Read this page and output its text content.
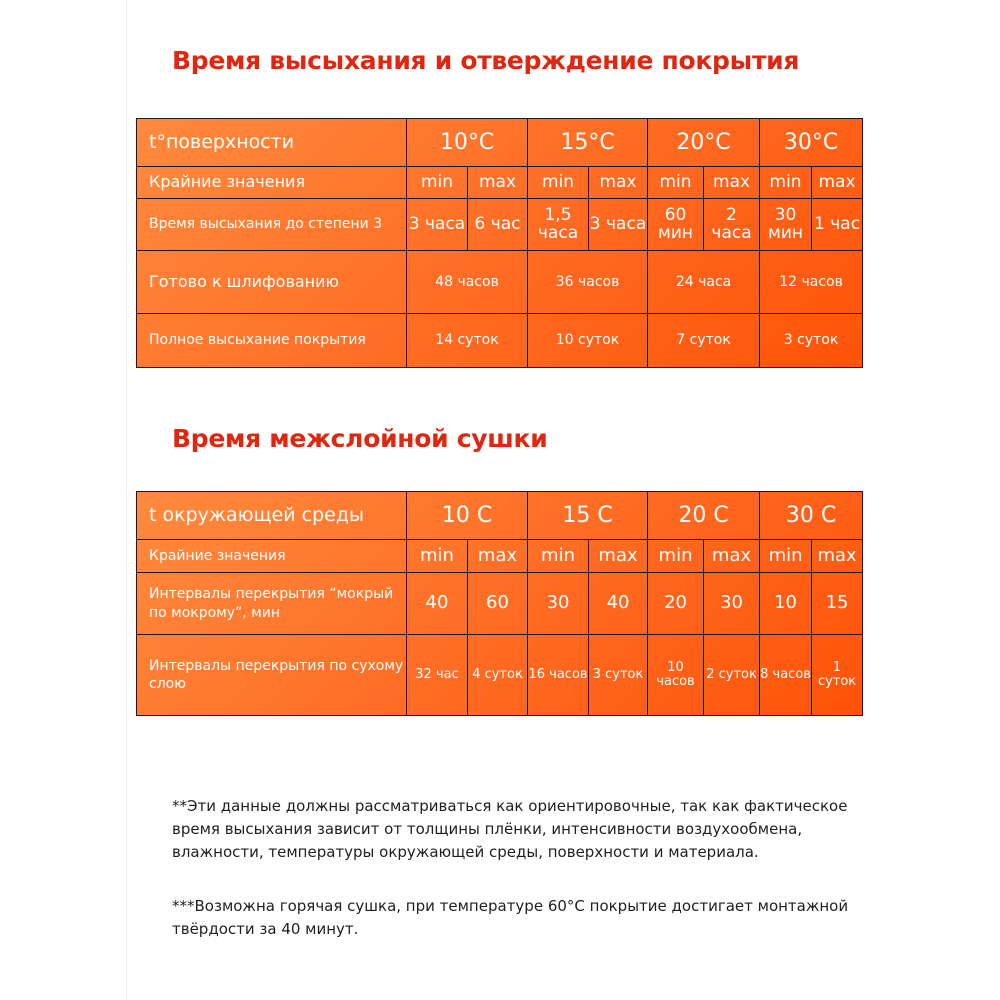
Время высыхания и отверждение покрытия
t°поверхности	10°C		15°C		20°C		30°C	
Крайние значения	min	max	min	max	min	max	min	max
Время высыхания до степени 3	3 часа	6 час	1,5 часа	3 часа	60 мин	2 часа	30 мин	1 час
Готово к шлифованию	48 часов		36 часов		24 часа		12 часов	
Полное высыхание покрытия	14 суток		10 суток		7 суток		3 суток	
Время межслойной сушки
t окружающей среды	10 C		15 C		20 C		30 C	
Крайние значения	min	max	min	max	min	max	min	max
Интервалы перекрытия “мокрый по мокрому”, мин	40	60	30	40	20	30	10	15
Интервалы перекрытия по сухому слою	32 час	4 суток	16 часов	3 суток	10 часов	2 суток	8 часов	1 суток

**Эти данные должны рассматриваться как ориентировочные, так как фактическое время высыхания зависит от толщины плёнки, интенсивности воздухообмена, влажности, температуры окружающей среды, поверхности и материала.

***Возможна горячая сушка, при температуре 60°C покрытие достигает монтажной твёрдости за 40 минут.
